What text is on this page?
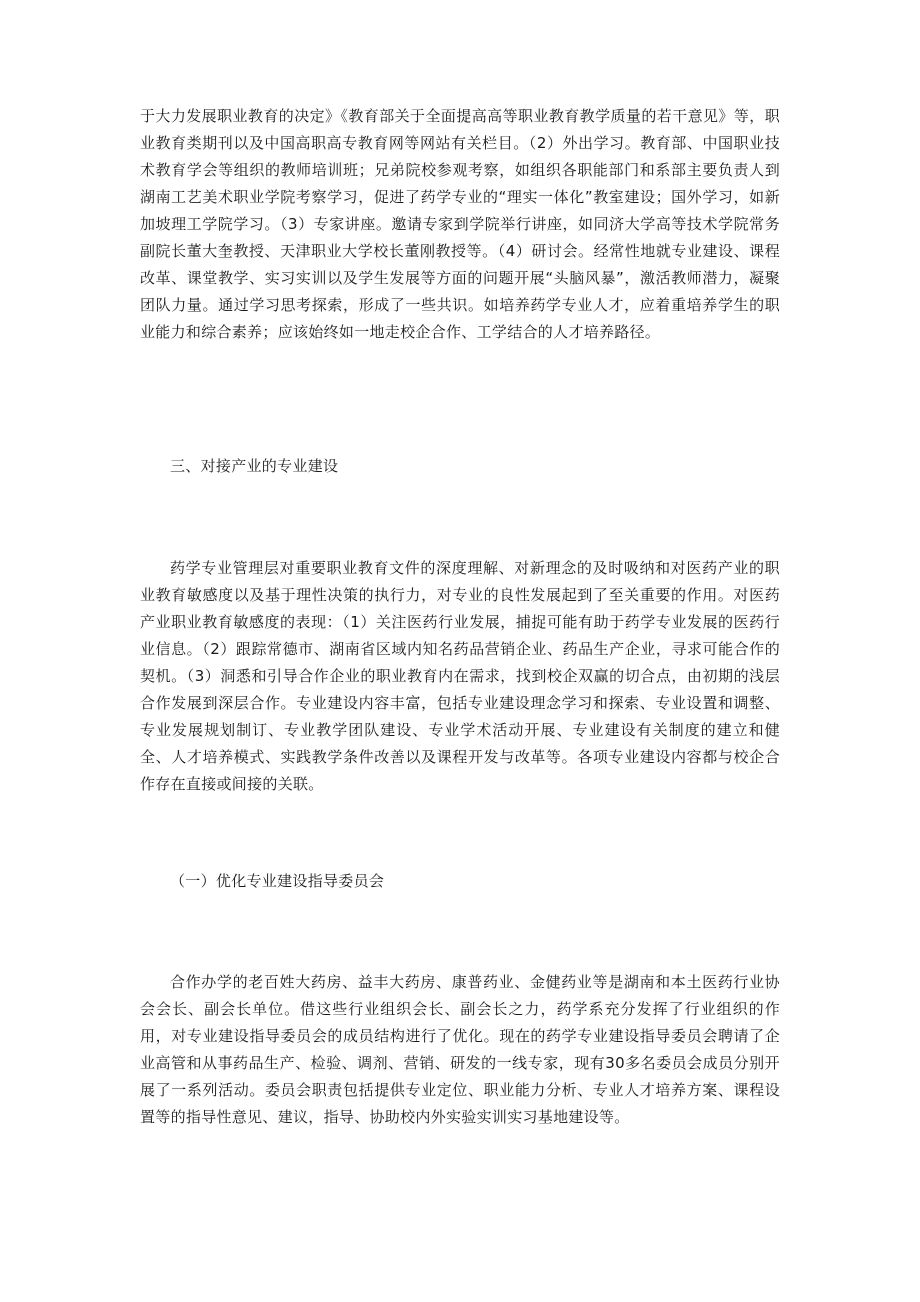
于大力发展职业教育的决定》《教育部关于全面提高高等职业教育教学质量的若干意见》等，职业教育类期刊以及中国高职高专教育网等网站有关栏目。（2）外出学习。教育部、中国职业技术教育学会等组织的教师培训班；兄弟院校参观考察，如组织各职能部门和系部主要负责人到湖南工艺美术职业学院考察学习，促进了药学专业的“理实一体化”教室建设；国外学习，如新加坡理工学院学习。（3）专家讲座。邀请专家到学院举行讲座，如同济大学高等技术学院常务副院长董大奎教授、天津职业大学校长董刚教授等。（4）研讨会。经常性地就专业建设、课程改革、课堂教学、实习实训以及学生发展等方面的问题开展“头脑风暴”，激活教师潜力，凝聚团队力量。通过学习思考探索，形成了一些共识。如培养药学专业人才，应着重培养学生的职业能力和综合素养；应该始终如一地走校企合作、工学结合的人才培养路径。

三、对接产业的专业建设

药学专业管理层对重要职业教育文件的深度理解、对新理念的及时吸纳和对医药产业的职业教育敏感度以及基于理性决策的执行力，对专业的良性发展起到了至关重要的作用。对医药产业职业教育敏感度的表现：（1）关注医药行业发展，捕捉可能有助于药学专业发展的医药行业信息。（2）跟踪常德市、湖南省区域内知名药品营销企业、药品生产企业，寻求可能合作的契机。（3）洞悉和引导合作企业的职业教育内在需求，找到校企双赢的切合点，由初期的浅层合作发展到深层合作。专业建设内容丰富，包括专业建设理念学习和探索、专业设置和调整、专业发展规划制订、专业教学团队建设、专业学术活动开展、专业建设有关制度的建立和健全、人才培养模式、实践教学条件改善以及课程开发与改革等。各项专业建设内容都与校企合作存在直接或间接的关联。

（一）优化专业建设指导委员会

合作办学的老百姓大药房、益丰大药房、康普药业、金健药业等是湖南和本土医药行业协会会长、副会长单位。借这些行业组织会长、副会长之力，药学系充分发挥了行业组织的作用，对专业建设指导委员会的成员结构进行了优化。现在的药学专业建设指导委员会聘请了企业高管和从事药品生产、检验、调剂、营销、研发的一线专家，现有30多名委员会成员分别开展了一系列活动。委员会职责包括提供专业定位、职业能力分析、专业人才培养方案、课程设置等的指导性意见、建议，指导、协助校内外实验实训实习基地建设等。
